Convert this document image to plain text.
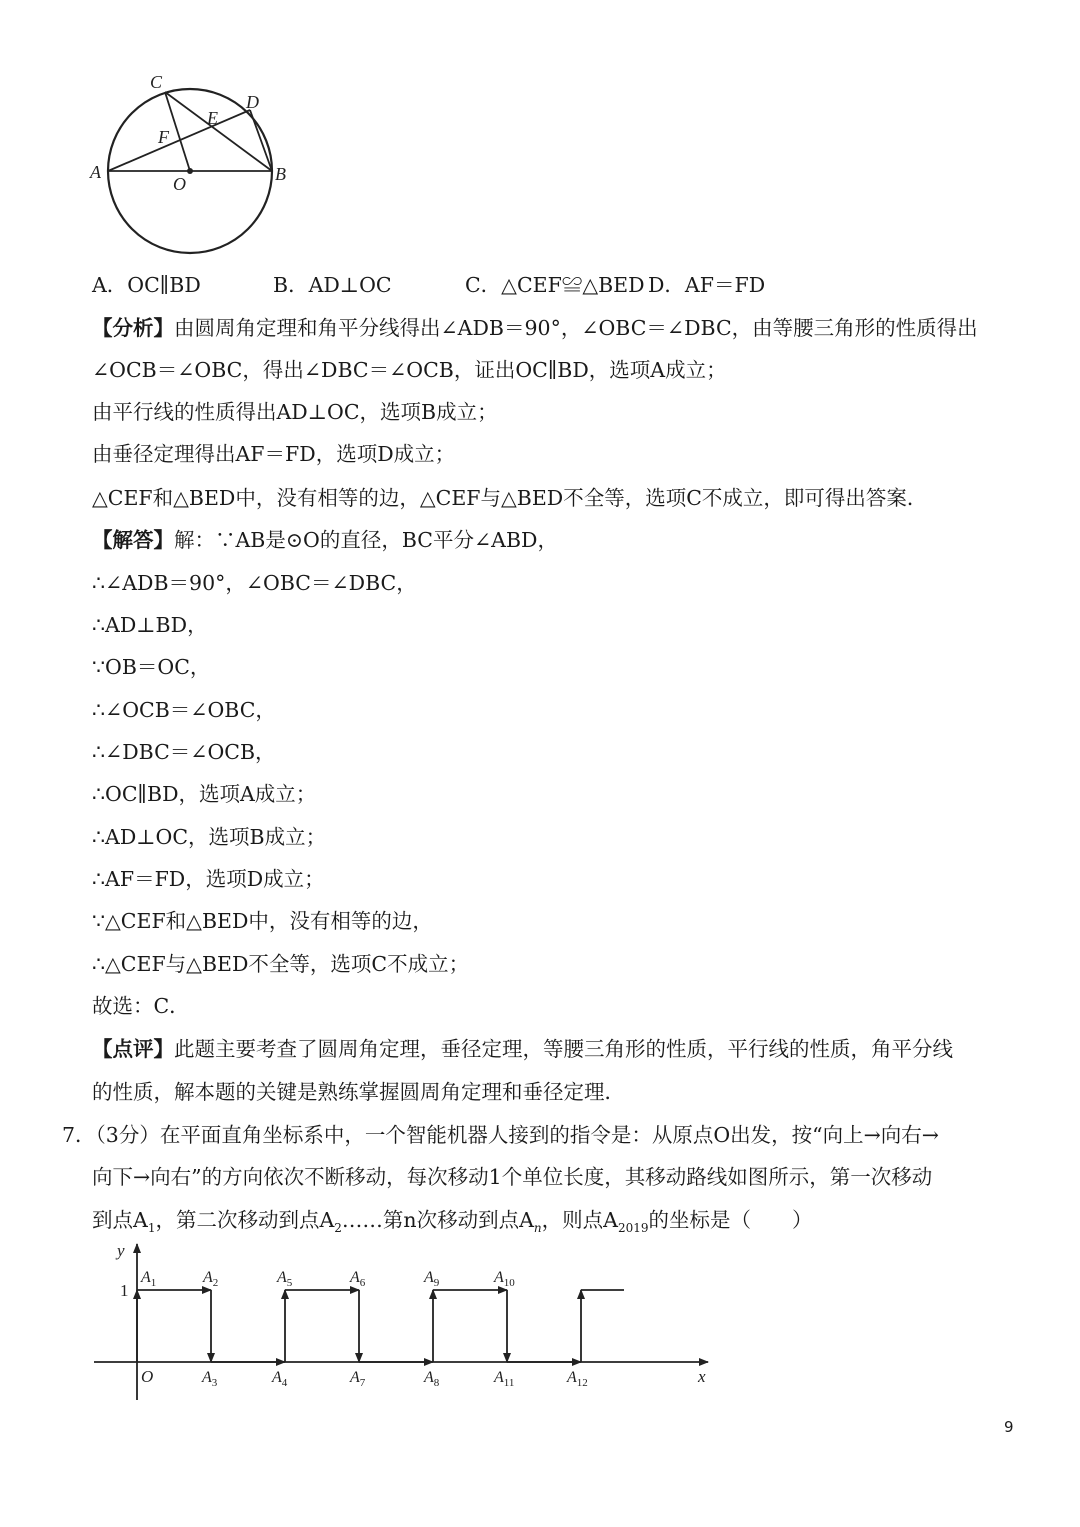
C
D
E
F
A
O	B
A．OC∥BD	B．AD⊥OC	C．△CEF≌△BED D．AF＝FD
【分析】由圆周角定理和角平分线得出∠ADB＝90°，∠OBC＝∠DBC，由等腰三角形的性质得出
∠OCB＝∠OBC，得出∠DBC＝∠OCB，证出OC∥BD，选项A成立；
由平行线的性质得出AD⊥OC，选项B成立；
由垂径定理得出AF＝FD，选项D成立；
△CEF和△BED中，没有相等的边，△CEF与△BED不全等，选项C不成立，即可得出答案．
【解答】解：∵AB是⊙O的直径，BC平分∠ABD，
∴∠ADB＝90°，∠OBC＝∠DBC，
∴AD⊥BD，
∵OB＝OC，
∴∠OCB＝∠OBC，
∴∠DBC＝∠OCB，
∴OC∥BD，选项A成立；
∴AD⊥OC，选项B成立；
∴AF＝FD，选项D成立；
∵△CEF和△BED中，没有相等的边，
∴△CEF与△BED不全等，选项C不成立；
故选：C．
【点评】此题主要考查了圆周角定理，垂径定理，等腰三角形的性质，平行线的性质，角平分线
的性质，解本题的关键是熟练掌握圆周角定理和垂径定理．
7．（3分）在平面直角坐标系中，一个智能机器人接到的指令是：从原点O出发，按“向上→向右→
向下→向右”的方向依次不断移动，每次移动1个单位长度，其移动路线如图所示，第一次移动
到点$A_1$，第二次移动到点$A_2\dots\dots$第n次移动到点$A_n$，则点$A_{2019}$的坐标是（　　）
y
x
O
1
$A_1$	$A_2$
$A_3$	$A_4$
$A_5$	$A_6$
$A_7$	$A_8$
$A_9$	$A_{10}$
$A_{11}$	$A_{12}$
9
